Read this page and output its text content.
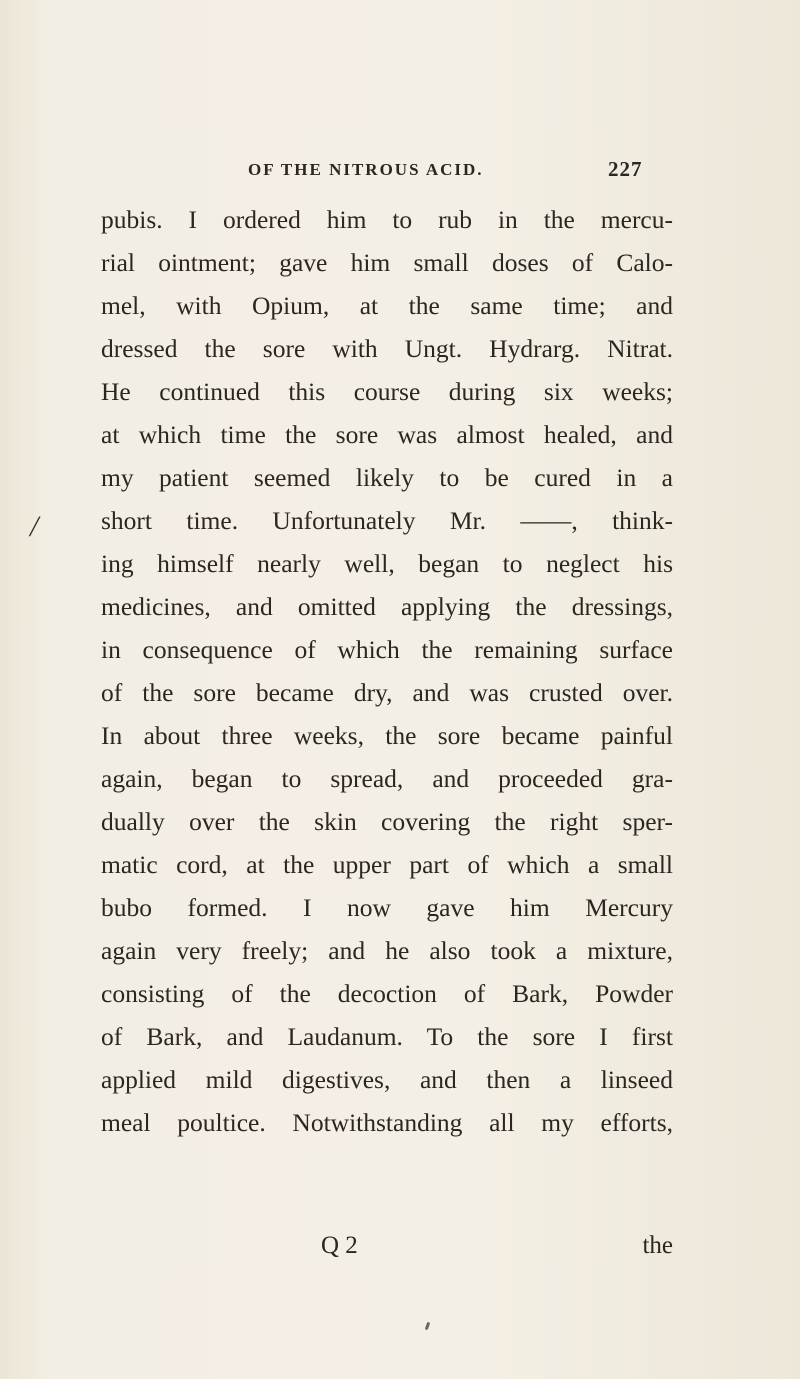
OF THE NITROUS ACID.	227
/
pubis. I ordered him to rub in the mercu-
rial ointment; gave him small doses of Calo-
mel, with Opium, at the same time; and
dressed the sore with Ungt. Hydrarg. Nitrat.
He continued this course during six weeks;
at which time the sore was almost healed, and
my patient seemed likely to be cured in a
short time. Unfortunately Mr. ——, think-
ing himself nearly well, began to neglect his
medicines, and omitted applying the dressings,
in consequence of which the remaining surface
of the sore became dry, and was crusted over.
In about three weeks, the sore became painful
again, began to spread, and proceeded gra-
dually over the skin covering the right sper-
matic cord, at the upper part of which a small
bubo formed. I now gave him Mercury
again very freely; and he also took a mixture,
consisting of the decoction of Bark, Powder
of Bark, and Laudanum. To the sore I first
applied mild digestives, and then a linseed
meal poultice. Notwithstanding all my efforts,
Q 2	the
